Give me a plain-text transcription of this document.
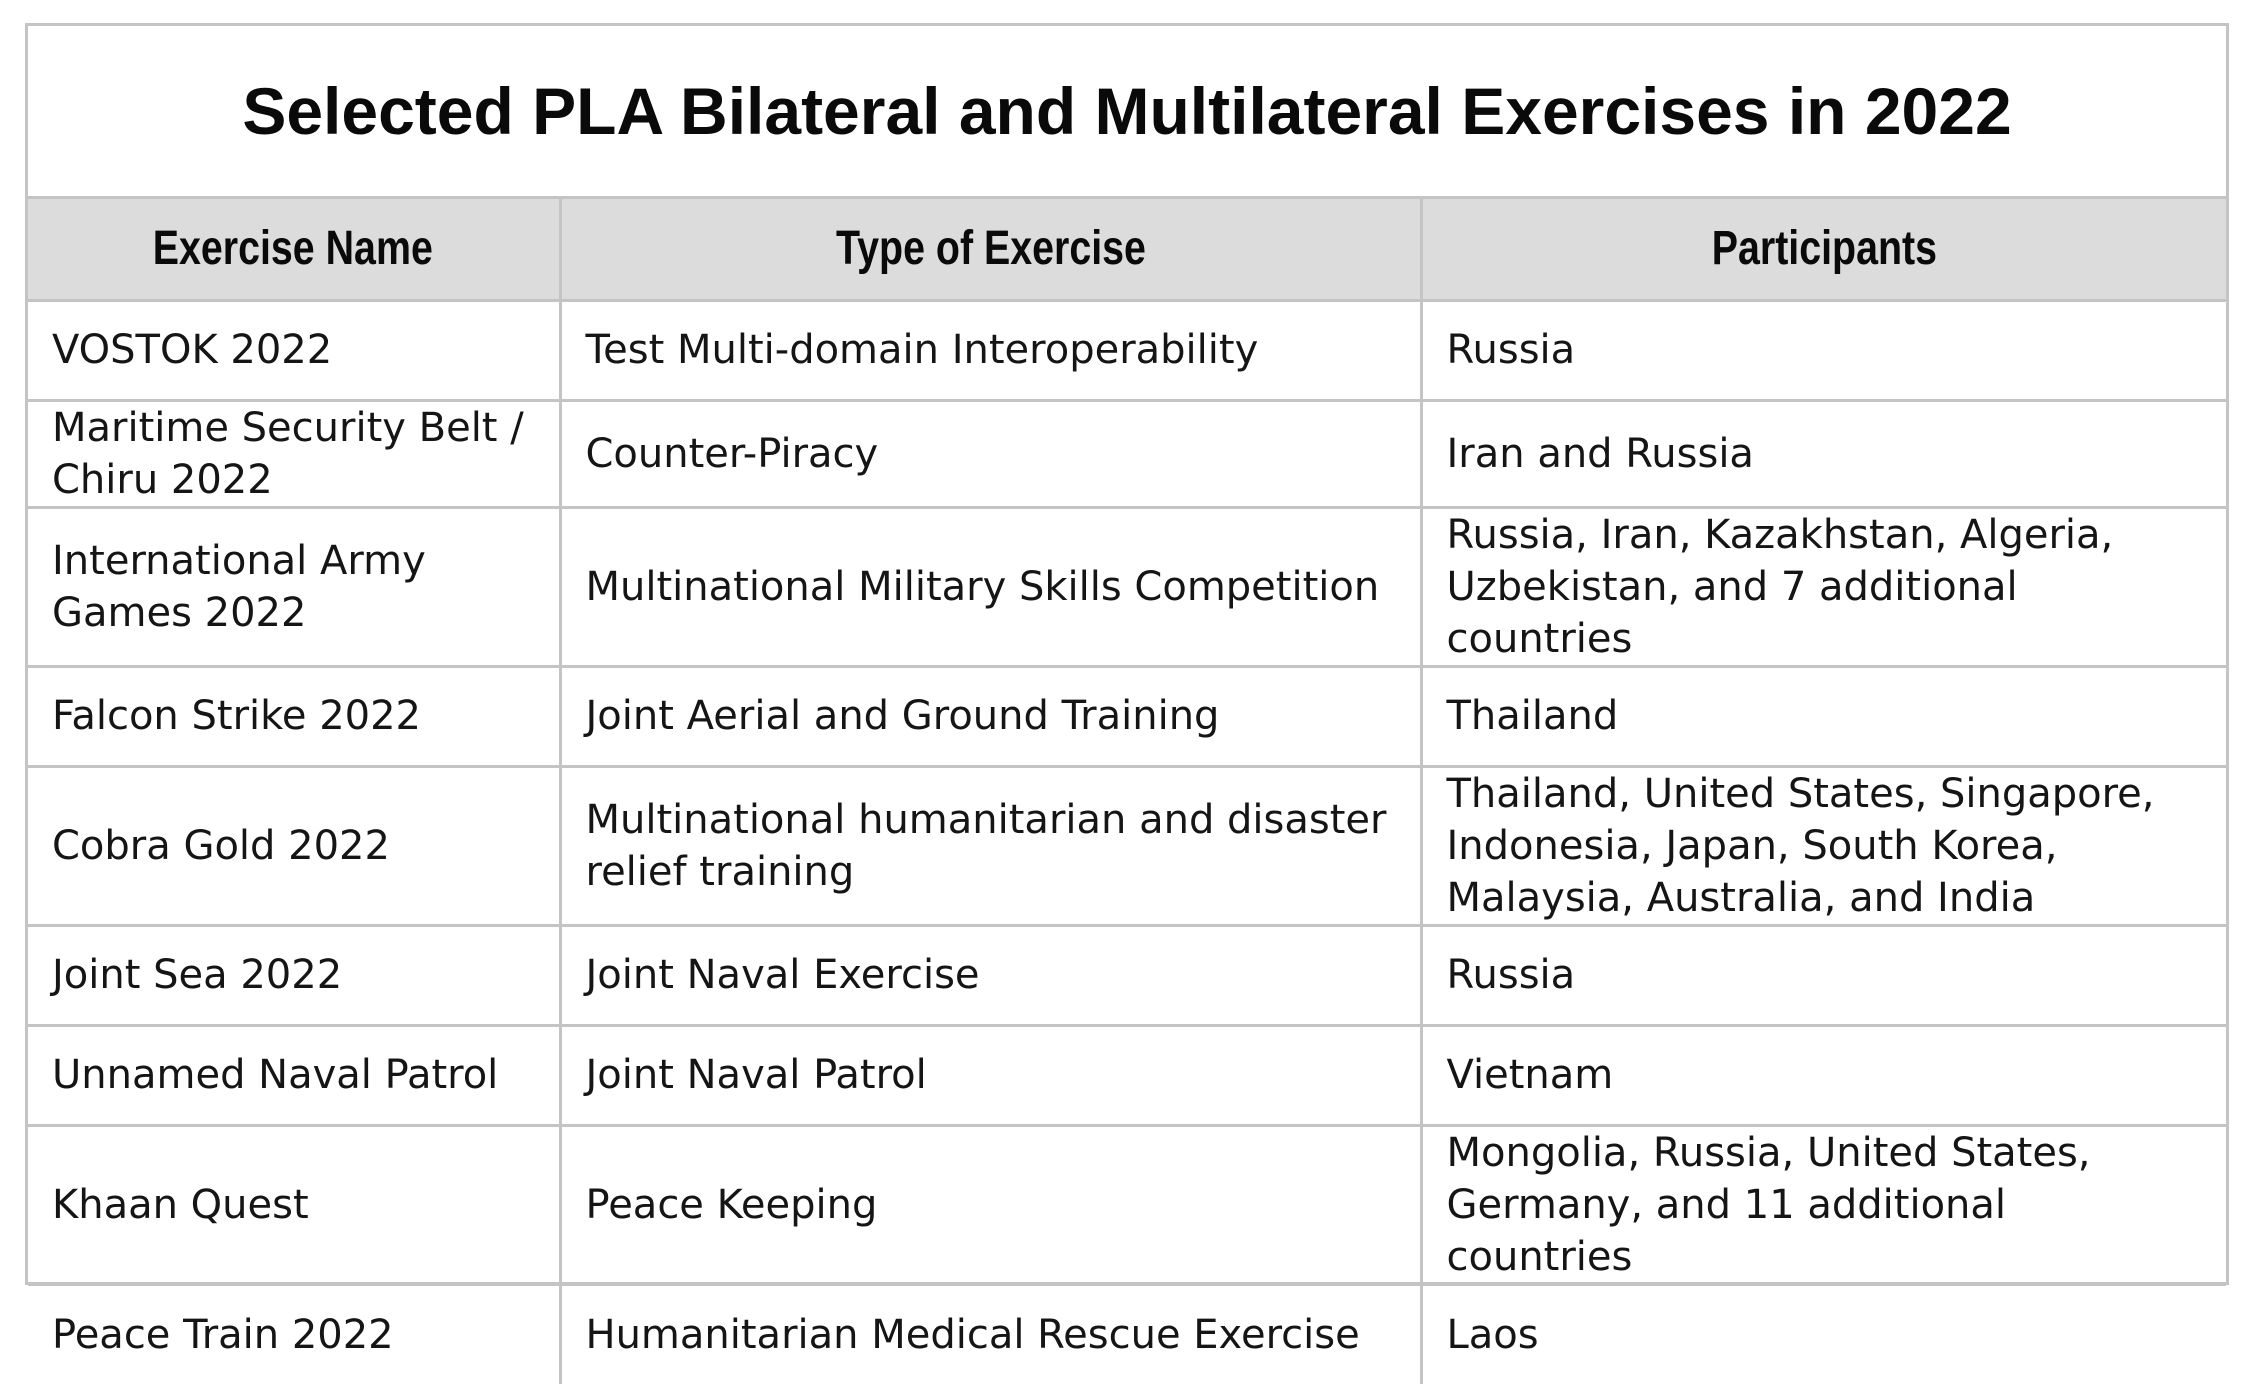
Selected PLA Bilateral and Multilateral Exercises in 2022
Exercise Name	Type of Exercise	Participants
VOSTOK 2022	Test Multi-domain Interoperability	Russia
Maritime Security Belt / Chiru 2022	Counter-Piracy	Iran and Russia
International Army Games 2022	Multinational Military Skills Competition	Russia, Iran, Kazakhstan, Algeria, Uzbekistan, and 7 additional countries
Falcon Strike 2022	Joint Aerial and Ground Training	Thailand
Cobra Gold 2022	Multinational humanitarian and disaster relief training	Thailand, United States, Singapore, Indonesia, Japan, South Korea, Malaysia, Australia, and India
Joint Sea 2022	Joint Naval Exercise	Russia
Unnamed Naval Patrol	Joint Naval Patrol	Vietnam
Khaan Quest	Peace Keeping	Mongolia, Russia, United States, Germany, and 11 additional countries
Peace Train 2022	Humanitarian Medical Rescue Exercise	Laos
